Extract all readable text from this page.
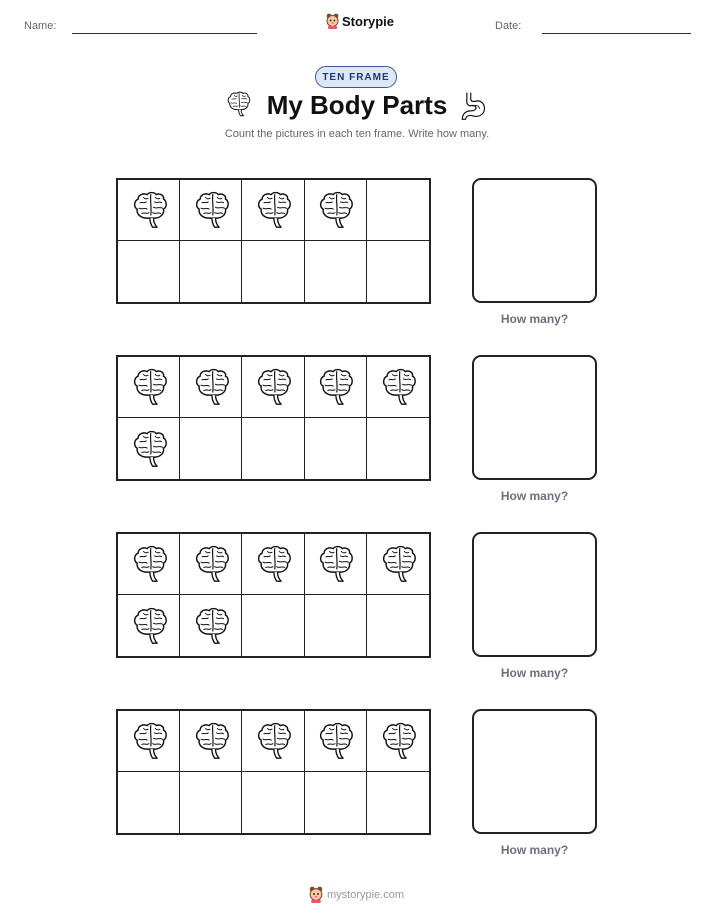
Name:	Storypie	Date:
TEN FRAME
My Body Parts
Count the pictures in each ten frame. Write how many.
How many?
How many?
How many?
How many?
mystorypie.com
